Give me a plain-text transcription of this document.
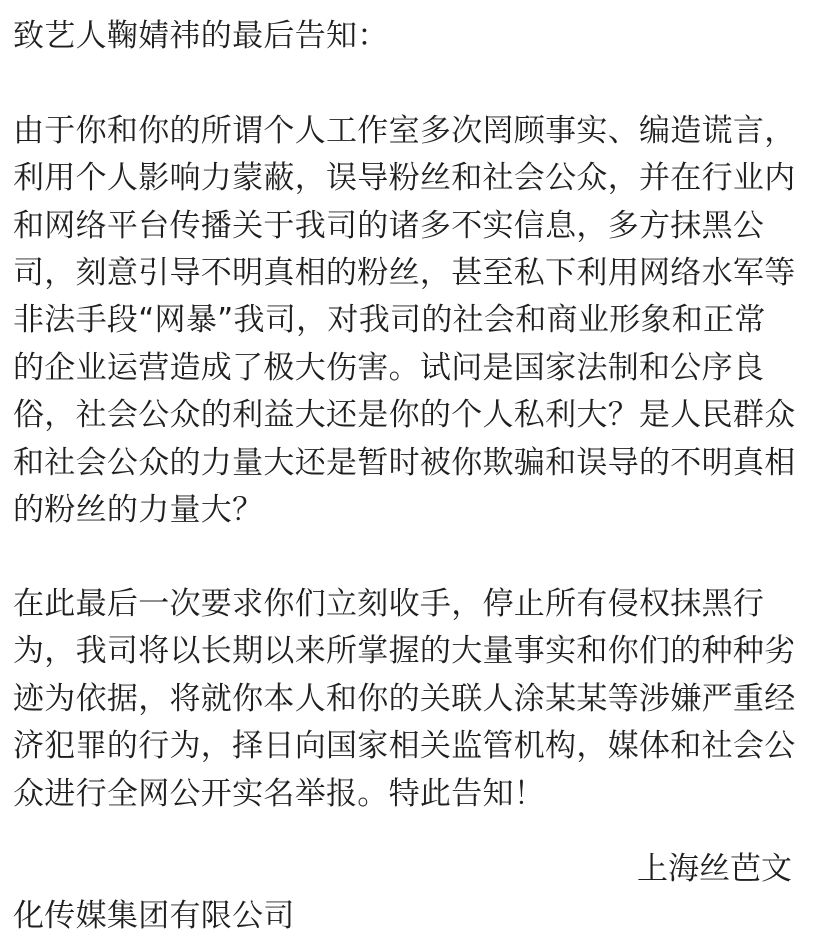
致艺人鞠婧祎的最后告知：
由于你和你的所谓个人工作室多次罔顾事实、编造谎言，
利用个人影响力蒙蔽，误导粉丝和社会公众，并在行业内
和网络平台传播关于我司的诸多不实信息，多方抹黑公
司，刻意引导不明真相的粉丝，甚至私下利用网络水军等
非法手段“网暴”我司，对我司的社会和商业形象和正常
的企业运营造成了极大伤害。试问是国家法制和公序良
俗，社会公众的利益大还是你的个人私利大？是人民群众
和社会公众的力量大还是暂时被你欺骗和误导的不明真相
的粉丝的力量大？
在此最后一次要求你们立刻收手，停止所有侵权抹黑行
为，我司将以长期以来所掌握的大量事实和你们的种种劣
迹为依据，将就你本人和你的关联人涂某某等涉嫌严重经
济犯罪的行为，择日向国家相关监管机构，媒体和社会公
众进行全网公开实名举报。特此告知！
上海丝芭文
化传媒集团有限公司
